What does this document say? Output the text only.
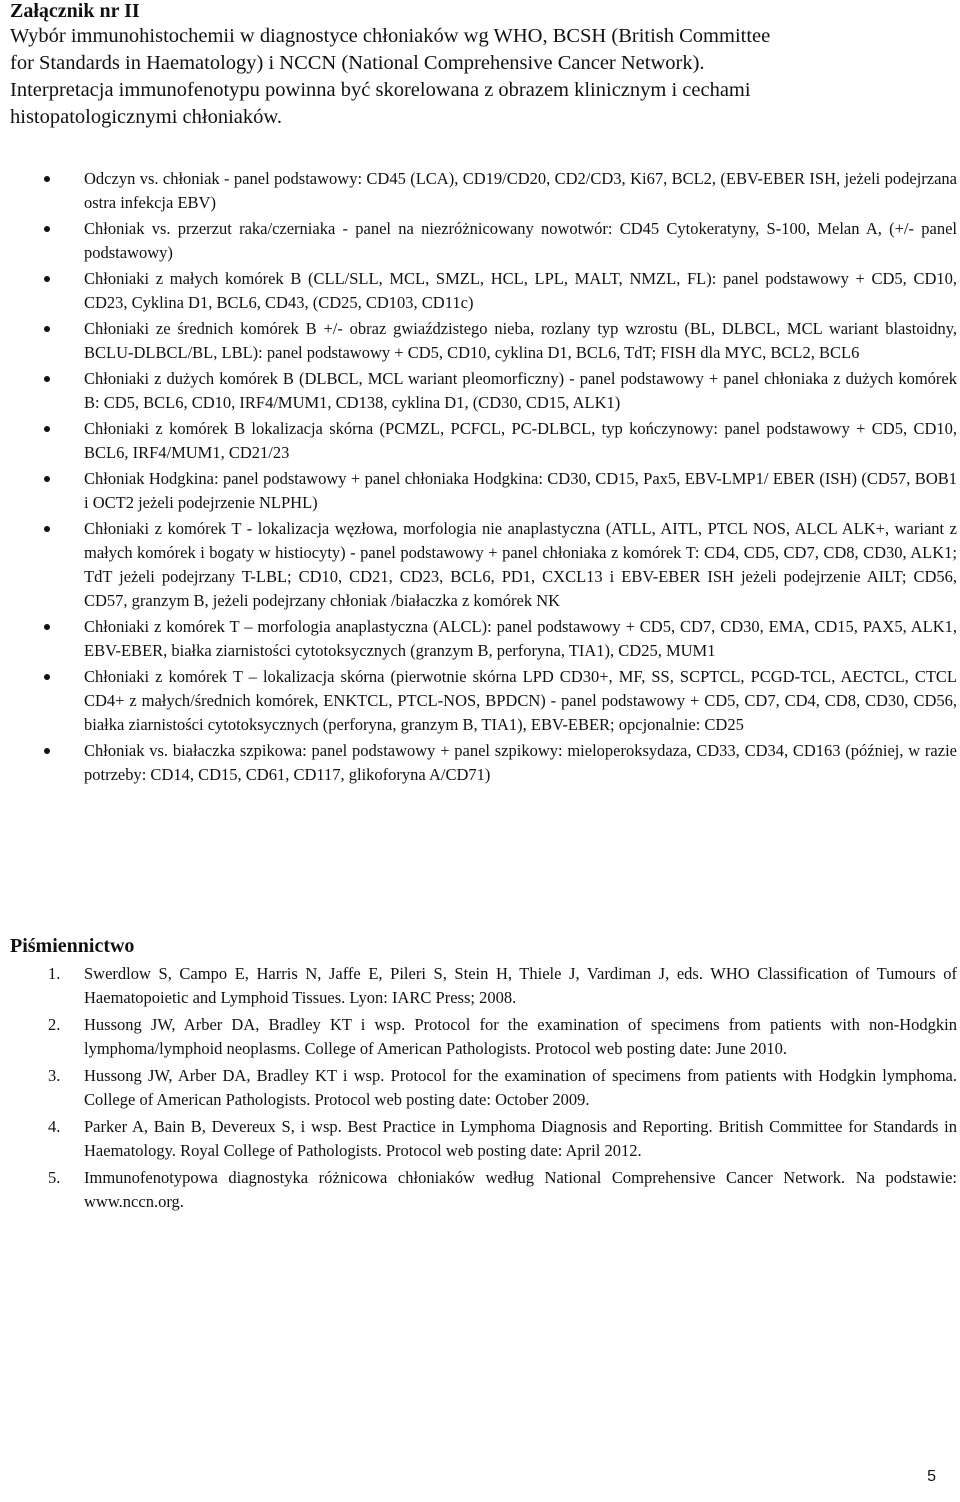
Załącznik nr II
Wybór immunohistochemii w diagnostyce chłoniaków wg WHO, BCSH (British Committee
for Standards in Haematology) i NCCN (National Comprehensive Cancer Network).
Interpretacja immunofenotypu powinna być skorelowana z obrazem klinicznym i cechami
histopatologicznymi chłoniaków.

Odczyn vs. chłoniak - panel podstawowy: CD45 (LCA), CD19/CD20, CD2/CD3, Ki67, BCL2, (EBV-EBER ISH, jeżeli podejrzana ostra infekcja EBV)

Chłoniak vs. przerzut raka/czerniaka - panel na niezróżnicowany nowotwór: CD45 Cytokeratyny, S-100, Melan A, (+/- panel podstawowy)

Chłoniaki z małych komórek B (CLL/SLL, MCL, SMZL, HCL, LPL, MALT, NMZL, FL): panel podstawowy + CD5, CD10, CD23, Cyklina D1, BCL6, CD43, (CD25, CD103, CD11c)

Chłoniaki ze średnich komórek B +/- obraz gwiaździstego nieba, rozlany typ wzrostu (BL, DLBCL, MCL wariant blastoidny, BCLU-DLBCL/BL, LBL): panel podstawowy + CD5, CD10, cyklina D1, BCL6, TdT; FISH dla MYC, BCL2, BCL6

Chłoniaki z dużych komórek B (DLBCL, MCL wariant pleomorficzny) - panel podstawowy + panel chłoniaka z dużych komórek B: CD5, BCL6, CD10, IRF4/MUM1, CD138, cyklina D1, (CD30, CD15, ALK1)

Chłoniaki z komórek B lokalizacja skórna (PCMZL, PCFCL, PC-DLBCL, typ kończynowy: panel podstawowy + CD5, CD10, BCL6, IRF4/MUM1, CD21/23

Chłoniak Hodgkina: panel podstawowy + panel chłoniaka Hodgkina: CD30, CD15, Pax5, EBV-LMP1/ EBER (ISH) (CD57, BOB1 i OCT2 jeżeli podejrzenie NLPHL)

Chłoniaki z komórek T - lokalizacja węzłowa, morfologia nie anaplastyczna (ATLL, AITL, PTCL NOS, ALCL ALK+, wariant z małych komórek i bogaty w histiocyty) - panel podstawowy + panel chłoniaka z komórek T: CD4, CD5, CD7, CD8, CD30, ALK1; TdT jeżeli podejrzany T-LBL; CD10, CD21, CD23, BCL6, PD1, CXCL13 i EBV-EBER ISH jeżeli podejrzenie AILT; CD56, CD57, granzym B, jeżeli podejrzany chłoniak /białaczka z komórek NK

Chłoniaki z komórek T – morfologia anaplastyczna (ALCL): panel podstawowy + CD5, CD7, CD30, EMA, CD15, PAX5, ALK1, EBV-EBER, białka ziarnistości cytotoksycznych (granzym B, perforyna, TIA1), CD25, MUM1

Chłoniaki z komórek T – lokalizacja skórna (pierwotnie skórna LPD CD30+, MF, SS, SCPTCL, PCGD-TCL, AECTCL, CTCL CD4+ z małych/średnich komórek, ENKTCL, PTCL-NOS, BPDCN) - panel podstawowy + CD5, CD7, CD4, CD8, CD30, CD56, białka ziarnistości cytotoksycznych (perforyna, granzym B, TIA1), EBV-EBER; opcjonalnie: CD25

Chłoniak vs. białaczka szpikowa: panel podstawowy + panel szpikowy: mieloperoksydaza, CD33, CD34, CD163 (później, w razie potrzeby: CD14, CD15, CD61, CD117, glikoforyna A/CD71)

Piśmiennictwo
1. Swerdlow S, Campo E, Harris N, Jaffe E, Pileri S, Stein H, Thiele J, Vardiman J, eds. WHO Classification of Tumours of Haematopoietic and Lymphoid Tissues. Lyon: IARC Press; 2008.

2. Hussong JW, Arber DA, Bradley KT i wsp. Protocol for the examination of specimens from patients with non-Hodgkin lymphoma/lymphoid neoplasms. College of American Pathologists. Protocol web posting date: June 2010.

3. Hussong JW, Arber DA, Bradley KT i wsp. Protocol for the examination of specimens from patients with Hodgkin lymphoma. College of American Pathologists. Protocol web posting date: October 2009.

4. Parker A, Bain B, Devereux S, i wsp. Best Practice in Lymphoma Diagnosis and Reporting. British Committee for Standards in Haematology. Royal College of Pathologists. Protocol web posting date: April 2012.

5. Immunofenotypowa diagnostyka różnicowa chłoniaków według National Comprehensive Cancer Network. Na podstawie: www.nccn.org.

5
